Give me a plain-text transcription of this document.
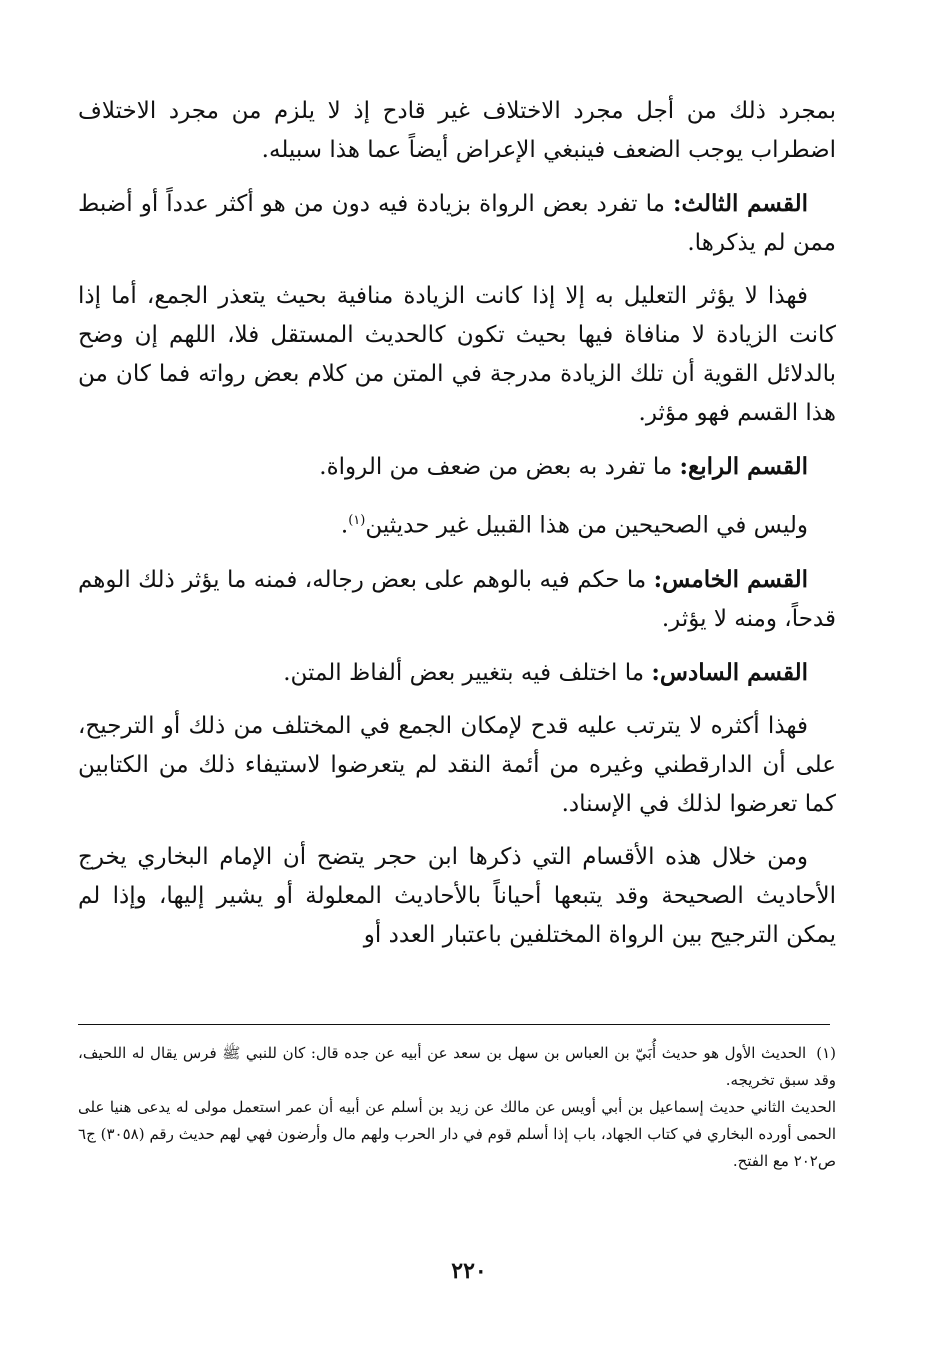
بمجرد ذلك من أجل مجرد الاختلاف غير قادح إذ لا يلزم من مجرد الاختلاف اضطراب يوجب الضعف فينبغي الإعراض أيضاً عما هذا سبيله.

القسم الثالث: ما تفرد بعض الرواة بزيادة فيه دون من هو أكثر عدداً أو أضبط ممن لم يذكرها.

فهذا لا يؤثر التعليل به إلا إذا كانت الزيادة منافية بحيث يتعذر الجمع، أما إذا كانت الزيادة لا منافاة فيها بحيث تكون كالحديث المستقل فلا، اللهم إن وضح بالدلائل القوية أن تلك الزيادة مدرجة في المتن من كلام بعض رواته فما كان من هذا القسم فهو مؤثر.

القسم الرابع: ما تفرد به بعض من ضعف من الرواة.

وليس في الصحيحين من هذا القبيل غير حديثين$^{(١)}$.

القسم الخامس: ما حكم فيه بالوهم على بعض رجاله، فمنه ما يؤثر ذلك الوهم قدحاً، ومنه لا يؤثر.

القسم السادس: ما اختلف فيه بتغيير بعض ألفاظ المتن.

فهذا أكثره لا يترتب عليه قدح لإمكان الجمع في المختلف من ذلك أو الترجيح، على أن الدارقطني وغيره من أئمة النقد لم يتعرضوا لاستيفاء ذلك من الكتابين كما تعرضوا لذلك في الإسناد.

ومن خلال هذه الأقسام التي ذكرها ابن حجر يتضح أن الإمام البخاري يخرج الأحاديث الصحيحة وقد يتبعها أحياناً بالأحاديث المعلولة أو يشير إليها، وإذا لم يمكن الترجيح بين الرواة المختلفين باعتبار العدد أو

(١)الحديث الأول هو حديث أُبَيّ بن العباس بن سهل بن سعد عن أبيه عن جده قال: كان للنبي ﷺ فرس يقال له اللحيف، وقد سبق تخريجه.

الحديث الثاني حديث إسماعيل بن أبي أويس عن مالك عن زيد بن أسلم عن أبيه أن عمر استعمل مولى له يدعى هنيا على الحمى أورده البخاري في كتاب الجهاد، باب إذا أسلم قوم في دار الحرب ولهم مال وأرضون فهي لهم حديث رقم (٣٠٥٨) ج٦ ص٢٠٢ مع الفتح.

٢٢٠
